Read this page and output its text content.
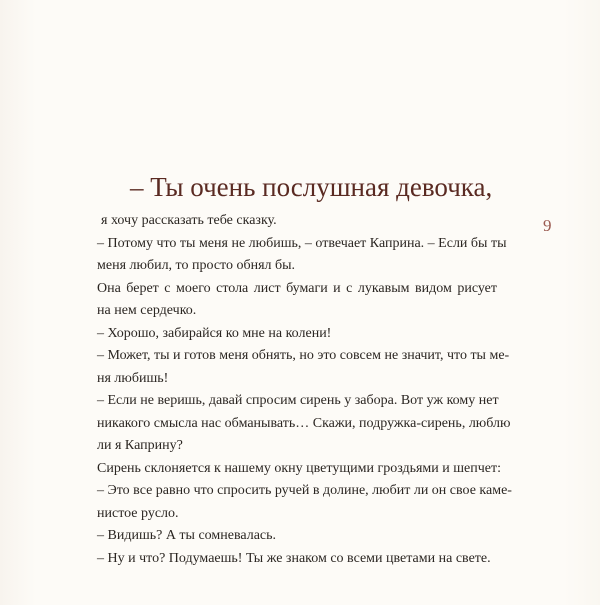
– Ты очень послушная девочка,
9
я хочу рассказать тебе сказку.
– Потому что ты меня не любишь, – отвечает Каприна. – Если бы ты
меня любил, то просто обнял бы.
Она берет с моего стола лист бумаги и с лукавым видом рисует
на нем сердечко.
– Хорошо, забирайся ко мне на колени!
– Может, ты и готов меня обнять, но это совсем не значит, что ты ме-
ня любишь!
– Если не веришь, давай спросим сирень у забора. Вот уж кому нет
никакого смысла нас обманывать… Скажи, подружка-сирень, люблю
ли я Каприну?
Сирень склоняется к нашему окну цветущими гроздьями и шепчет:
– Это все равно что спросить ручей в долине, любит ли он свое каме-
нистое русло.
– Видишь? А ты сомневалась.
– Ну и что? Подумаешь! Ты же знаком со всеми цветами на свете.
